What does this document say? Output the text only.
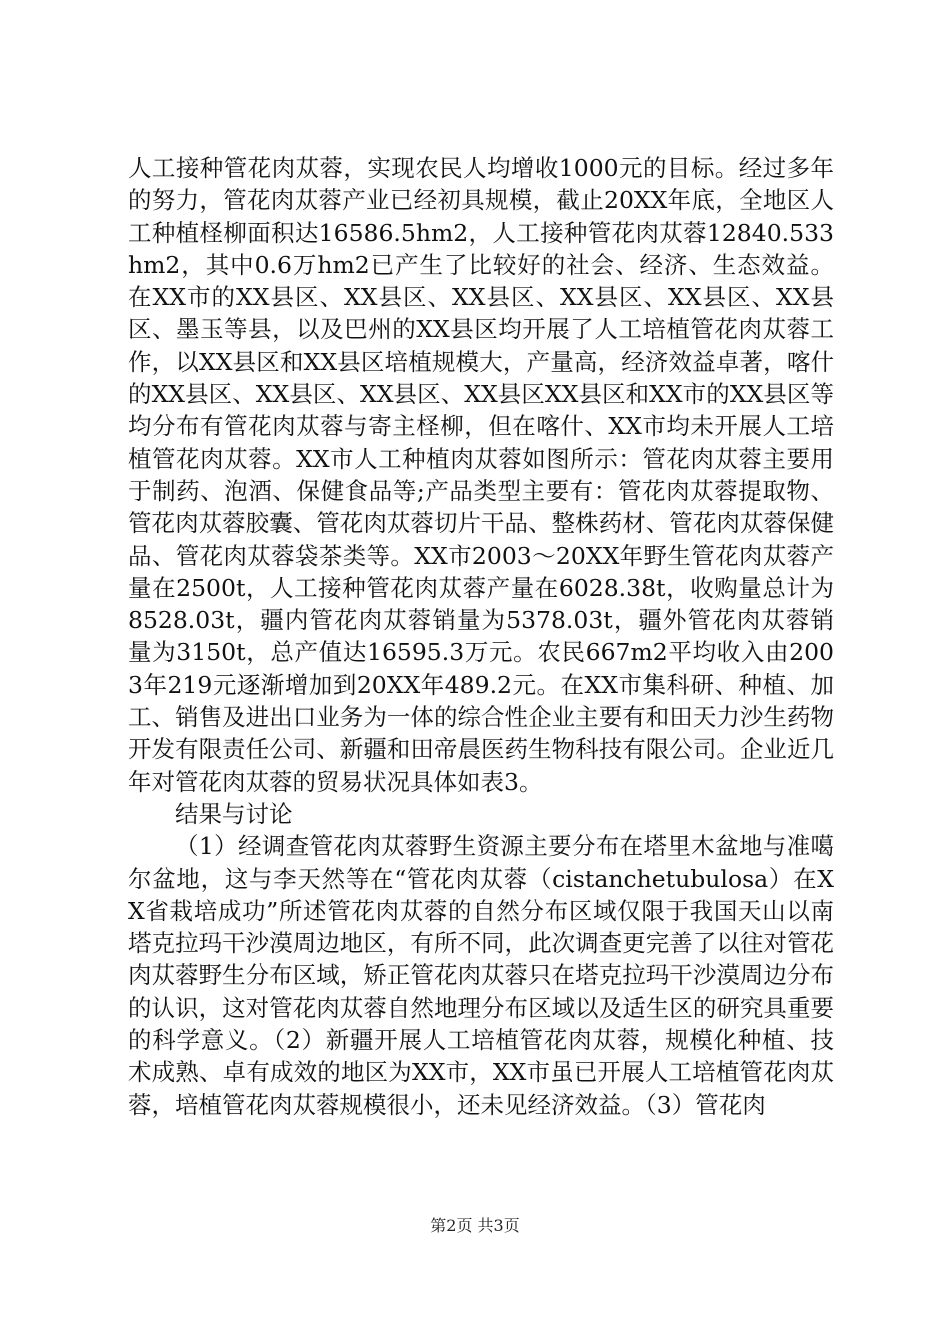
人工接种管花肉苁蓉，实现农民人均增收1000元的目标。经过多年的努力，管花肉苁蓉产业已经初具规模，截止20XX年底，全地区人工种植柽柳面积达16586.5hm2，人工接种管花肉苁蓉12840.533hm2，其中0.6万hm2已产生了比较好的社会、经济、生态效益。在XX市的XX县区、XX县区、XX县区、XX县区、XX县区、XX县区、墨玉等县，以及巴州的XX县区均开展了人工培植管花肉苁蓉工作，以XX县区和XX县区培植规模大，产量高，经济效益卓著，喀什的XX县区、XX县区、XX县区、XX县区XX县区和XX市的XX县区等均分布有管花肉苁蓉与寄主柽柳，但在喀什、XX市均未开展人工培植管花肉苁蓉。XX市人工种植肉苁蓉如图所示：管花肉苁蓉主要用于制药、泡酒、保健食品等;产品类型主要有：管花肉苁蓉提取物、管花肉苁蓉胶囊、管花肉苁蓉切片干品、整株药材、管花肉苁蓉保健品、管花肉苁蓉袋茶类等。XX市2003～20XX年野生管花肉苁蓉产量在2500t，人工接种管花肉苁蓉产量在6028.38t，收购量总计为8528.03t，疆内管花肉苁蓉销量为5378.03t，疆外管花肉苁蓉销量为3150t，总产值达16595.3万元。农民667m2平均收入由2003年219元逐渐增加到20XX年489.2元。在XX市集科研、种植、加工、销售及进出口业务为一体的综合性企业主要有和田天力沙生药物开发有限责任公司、新疆和田帝晨医药生物科技有限公司。企业近几年对管花肉苁蓉的贸易状况具体如表3。

结果与讨论

（1）经调查管花肉苁蓉野生资源主要分布在塔里木盆地与准噶尔盆地，这与李天然等在“管花肉苁蓉（cistanchetubulosa）在XX省栽培成功”所述管花肉苁蓉的自然分布区域仅限于我国天山以南塔克拉玛干沙漠周边地区，有所不同，此次调查更完善了以往对管花肉苁蓉野生分布区域，矫正管花肉苁蓉只在塔克拉玛干沙漠周边分布的认识，这对管花肉苁蓉自然地理分布区域以及适生区的研究具重要的科学意义。（2）新疆开展人工培植管花肉苁蓉，规模化种植、技术成熟、卓有成效的地区为XX市，XX市虽已开展人工培植管花肉苁蓉，培植管花肉苁蓉规模很小，还未见经济效益。（3）管花肉

第2页 共3页
